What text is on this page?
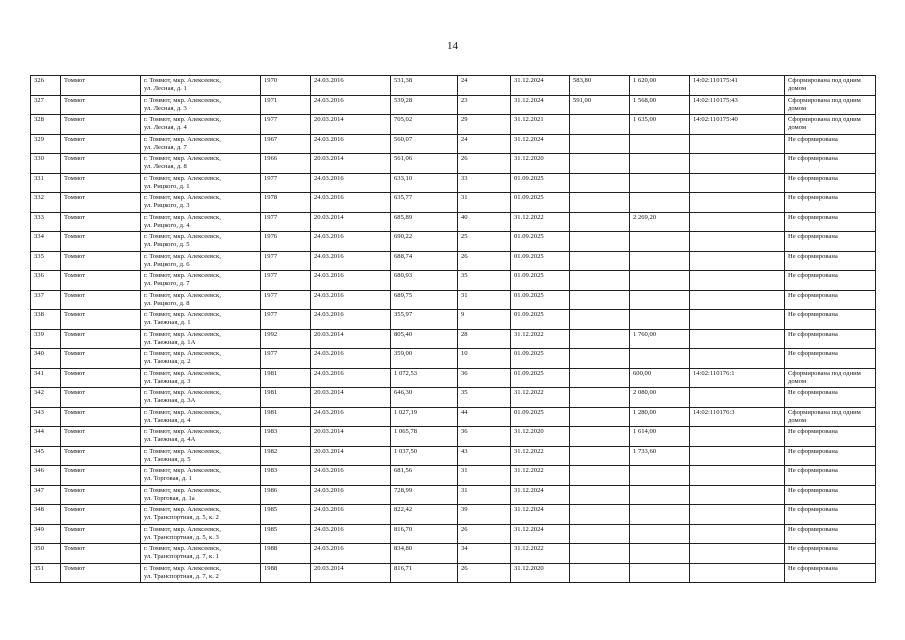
14
326	Томмот	г. Томмот, мкр. Алексеевск,
ул. Лесная, д. 1	1970	24.03.2016	531,38	24	31.12.2024	583,80	1 620,00	14:02:110175:41	Сформирована под одним домом
327	Томмот	г. Томмот, мкр. Алексеевск,
ул. Лесная, д. 3	1971	24.03.2016	539,28	23	31.12.2024	591,00	1 568,00	14:02:110175:43	Сформирована под одним домом
328	Томмот	г. Томмот, мкр. Алексеевск,
ул. Лесная, д. 4	1977	20.03.2014	705,02	29	31.12.2021		1 635,00	14:02:110175:40	Сформирована под одним домом
329	Томмот	г. Томмот, мкр. Алексеевск,
ул. Лесная, д. 7	1967	24.03.2016	560,07	24	31.12.2024				Не сформирована
330	Томмот	г. Томмот, мкр. Алексеевск,
ул. Лесная, д. 8	1966	20.03.2014	561,06	26	31.12.2020				Не сформирована
331	Томмот	г. Томмот, мкр. Алексеевск,
ул. Рицкого, д. 1	1977	24.03.2016	633,10	33	01.09.2025				Не сформирована
332	Томмот	г. Томмот, мкр. Алексеевск,
ул. Рицкого, д. 3	1978	24.03.2016	635,77	31	01.09.2025				Не сформирована
333	Томмот	г. Томмот, мкр. Алексеевск,
ул. Рицкого, д. 4	1977	20.03.2014	685,89	40	31.12.2022		2 269,20		Не сформирована
334	Томмот	г. Томмот, мкр. Алексеевск,
ул. Рицкого, д. 5	1976	24.03.2016	690,22	25	01.09.2025				Не сформирована
335	Томмот	г. Томмот, мкр. Алексеевск,
ул. Рицкого, д. 6	1977	24.03.2016	688,74	26	01.09.2025				Не сформирована
336	Томмот	г. Томмот, мкр. Алексеевск,
ул. Рицкого, д. 7	1977	24.03.2016	680,93	35	01.09.2025				Не сформирована
337	Томмот	г. Томмот, мкр. Алексеевск,
ул. Рицкого, д. 8	1977	24.03.2016	689,75	31	01.09.2025				Не сформирована
338	Томмот	г. Томмот, мкр. Алексеевск,
ул. Таежная, д. 1	1977	24.03.2016	355,97	9	01.09.2025				Не сформирована
339	Томмот	г. Томмот, мкр. Алексеевск,
ул. Таежная, д. 1А	1992	20.03.2014	805,40	28	31.12.2022		1 760,00		Не сформирована
340	Томмот	г. Томмот, мкр. Алексеевск,
ул. Таежная, д. 2	1977	24.03.2016	359,00	10	01.09.2025				Не сформирована
341	Томмот	г. Томмот, мкр. Алексеевск,
ул. Таежная, д. 3	1981	24.03.2016	1 072,53	36	01.09.2025		600,00	14:02:110176:1	Сформирована под одним домом
342	Томмот	г. Томмот, мкр. Алексеевск,
ул. Таежная, д. 3А	1981	20.03.2014	646,30	35	31.12.2022		2 080,00		Не сформирована
343	Томмот	г. Томмот, мкр. Алексеевск,
ул. Таежная, д. 4	1981	24.03.2016	1 027,19	44	01.09.2025		1 280,00	14:02:110176:3	Сформирована под одним домом
344	Томмот	г. Томмот, мкр. Алексеевск,
ул. Таежная, д. 4А	1983	20.03.2014	1 065,78	36	31.12.2020		1 614,00		Не сформирована
345	Томмот	г. Томмот, мкр. Алексеевск,
ул. Таежная, д. 5	1982	20.03.2014	1 037,50	43	31.12.2022		1 733,60		Не сформирована
346	Томмот	г. Томмот, мкр. Алексеевск,
ул. Торговая, д. 1	1983	24.03.2016	681,56	31	31.12.2022				Не сформирована
347	Томмот	г. Томмот, мкр. Алексеевск,
ул. Торговая, д. 1а	1986	24.03.2016	728,99	31	31.12.2024				Не сформирована
348	Томмот	г. Томмот, мкр. Алексеевск,
ул. Транспортная, д. 5, к. 2	1985	24.03.2016	822,42	39	31.12.2024				Не сформирована
349	Томмот	г. Томмот, мкр. Алексеевск,
ул. Транспортная, д. 5, к. 3	1985	24.03.2016	816,70	26	31.12.2024				Не сформирована
350	Томмот	г. Томмот, мкр. Алексеевск,
ул. Транспортная, д. 7, к. 1	1988	24.03.2016	834,80	34	31.12.2022				Не сформирована
351	Томмот	г. Томмот, мкр. Алексеевск,
ул. Транспортная, д. 7, к. 2	1988	20.03.2014	816,71	26	31.12.2020				Не сформирована
